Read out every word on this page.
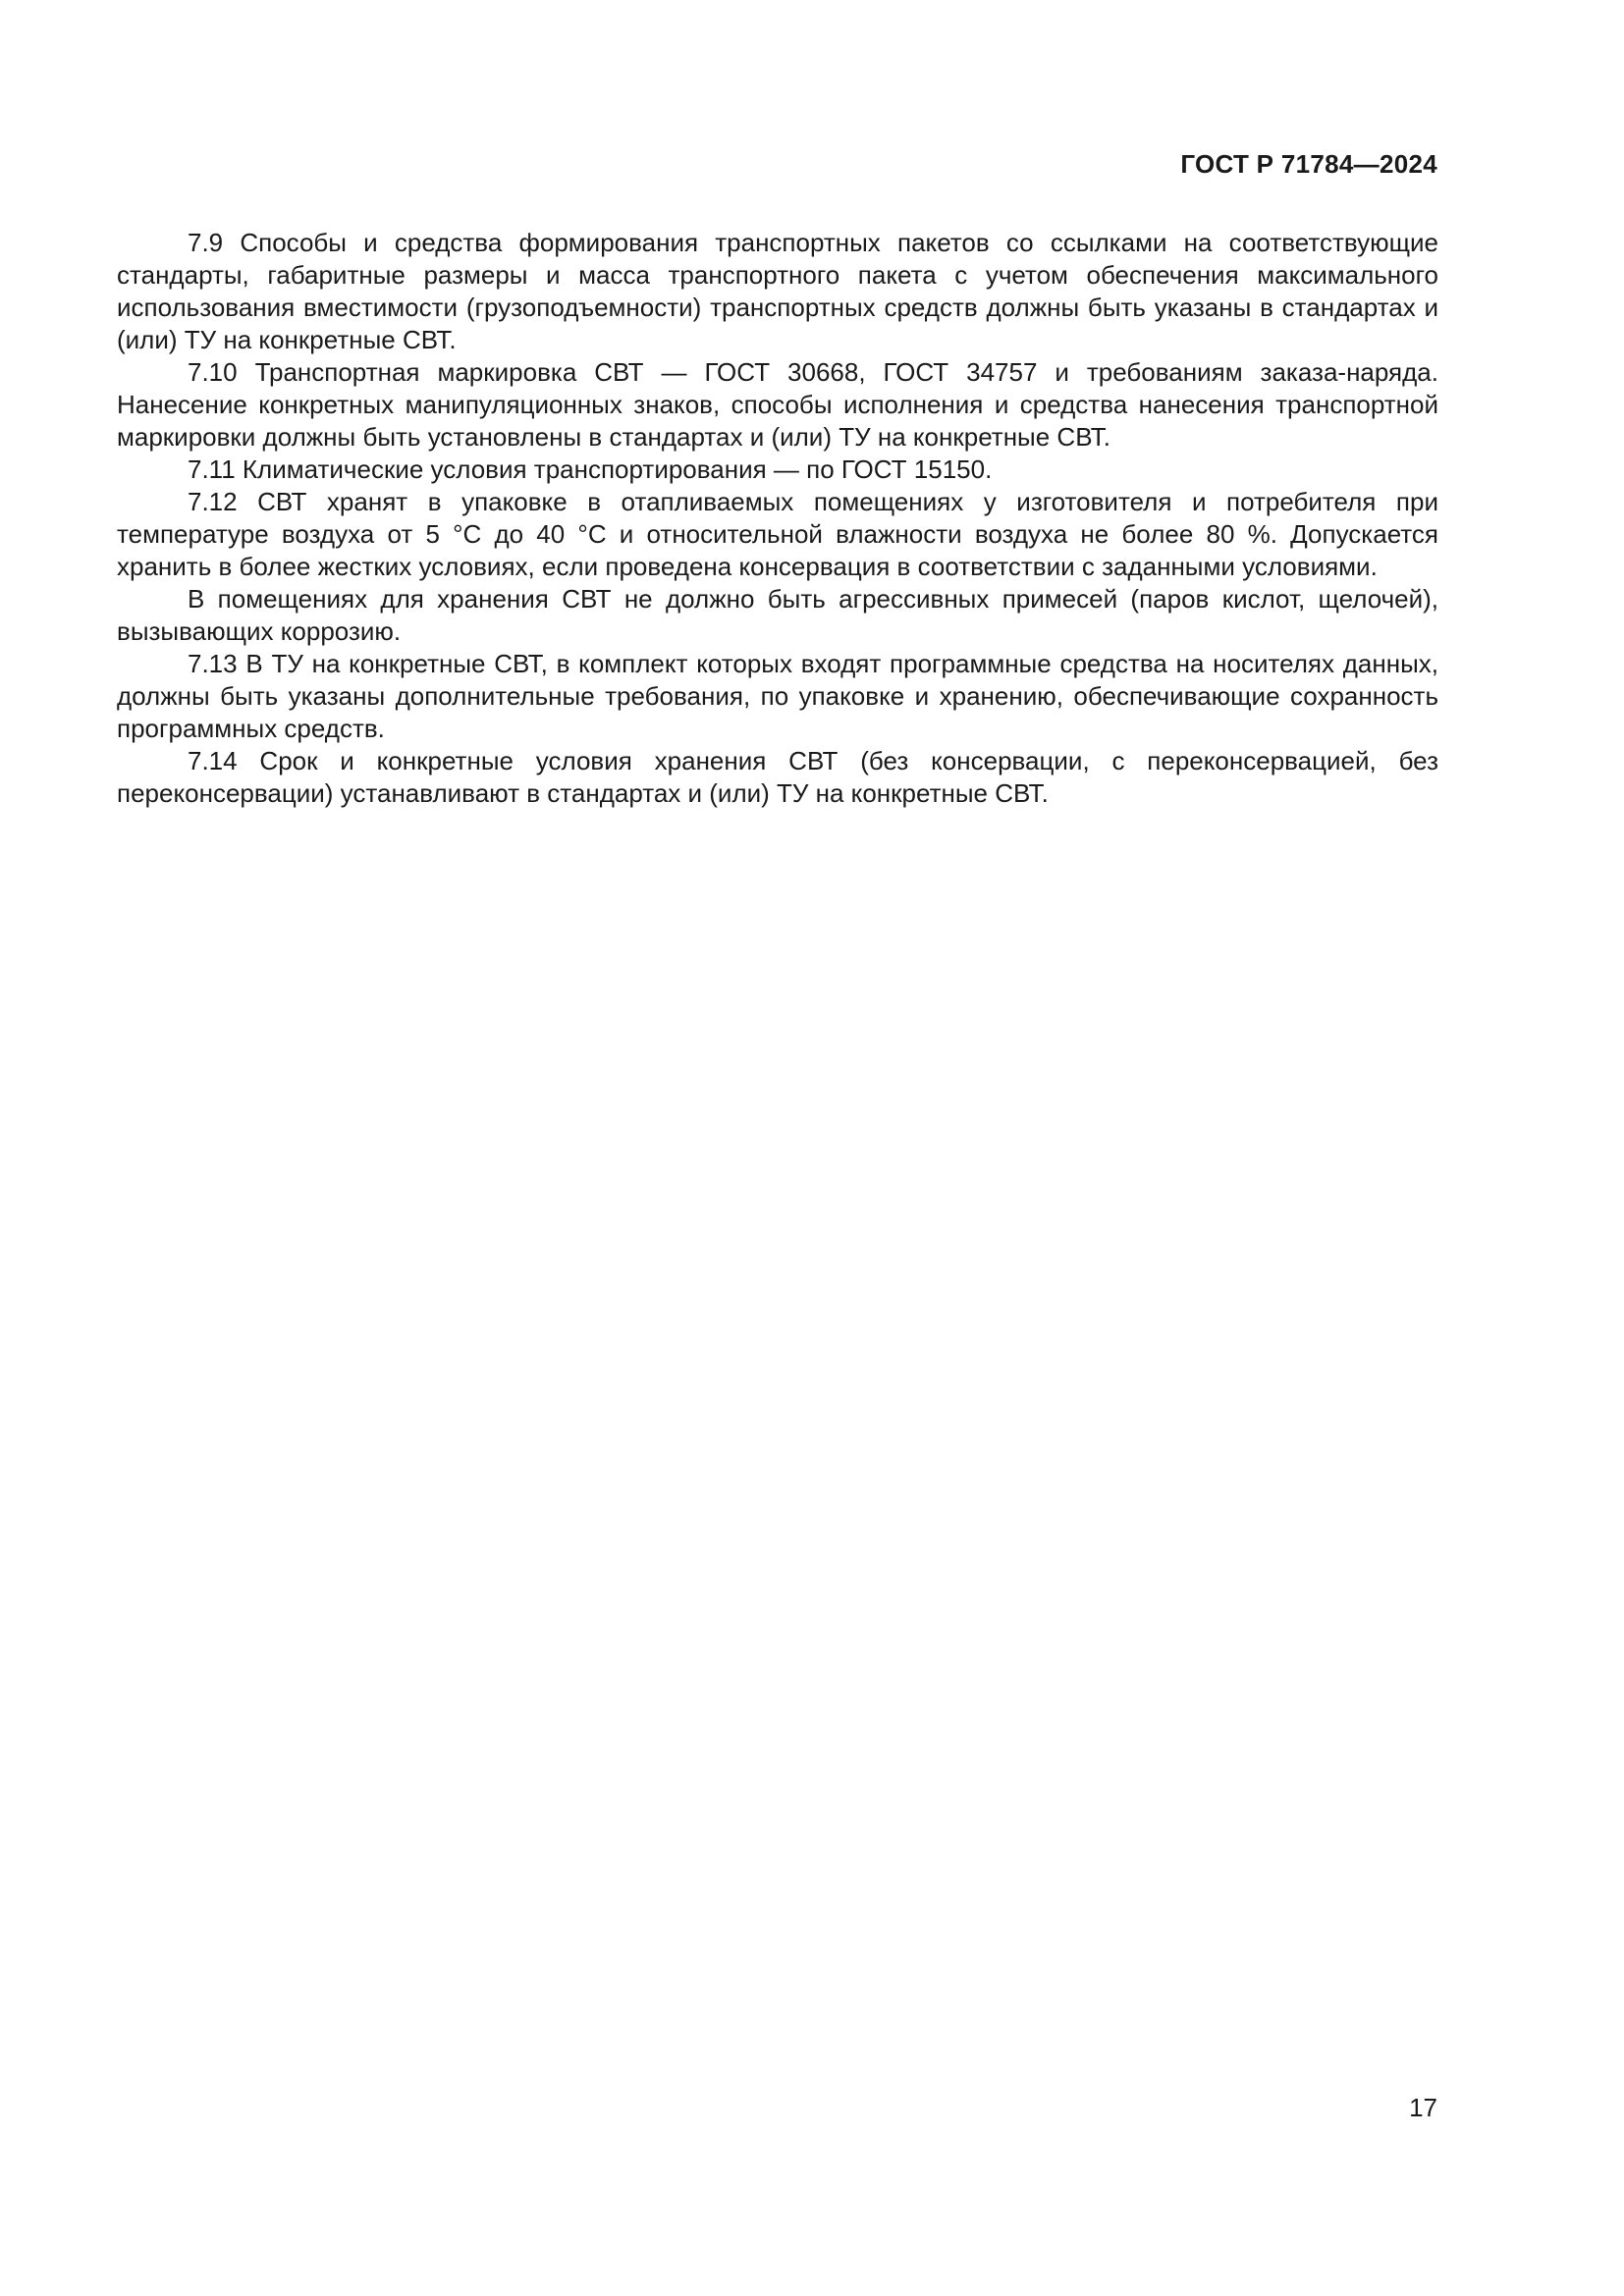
ГОСТ Р 71784—2024

7.9 Способы и средства формирования транспортных пакетов со ссылками на соответствующие стандарты, габаритные размеры и масса транспортного пакета с учетом обеспечения максимального использования вместимости (грузоподъемности) транспортных средств должны быть указаны в стандартах и (или) ТУ на конкретные СВТ.

7.10 Транспортная маркировка СВТ — ГОСТ 30668, ГОСТ 34757 и требованиям заказа-наряда. Нанесение конкретных манипуляционных знаков, способы исполнения и средства нанесения транспортной маркировки должны быть установлены в стандартах и (или) ТУ на конкретные СВТ.

7.11 Климатические условия транспортирования — по ГОСТ 15150.

7.12 СВТ хранят в упаковке в отапливаемых помещениях у изготовителя и потребителя при температуре воздуха от 5 °C до 40 °C и относительной влажности воздуха не более 80 %. Допускается хранить в более жестких условиях, если проведена консервация в соответствии с заданными условиями.

В помещениях для хранения СВТ не должно быть агрессивных примесей (паров кислот, щелочей), вызывающих коррозию.

7.13 В ТУ на конкретные СВТ, в комплект которых входят программные средства на носителях данных, должны быть указаны дополнительные требования, по упаковке и хранению, обеспечивающие сохранность программных средств.

7.14 Срок и конкретные условия хранения СВТ (без консервации, с переконсервацией, без переконсервации) устанавливают в стандартах и (или) ТУ на конкретные СВТ.

17
